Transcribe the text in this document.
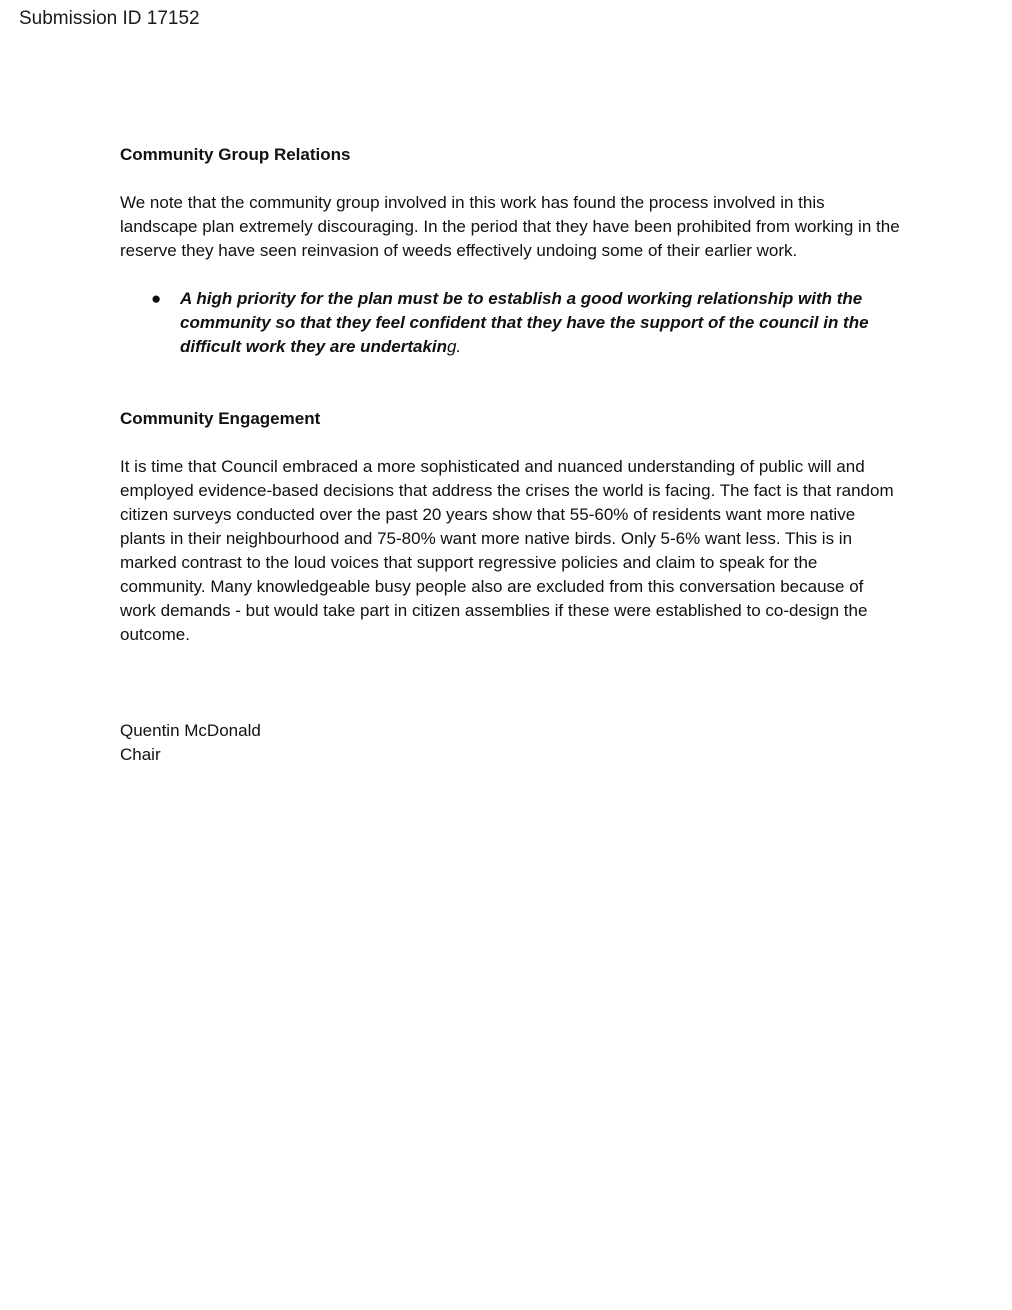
Submission ID 17152

Community Group Relations

We note that the community group involved in this work has found the process involved in this landscape plan extremely discouraging. In the period that they have been prohibited from working in the reserve they have seen reinvasion of weeds effectively undoing some of their earlier work.

● A high priority for the plan must be to establish a good working relationship with the community so that they feel confident that they have the support of the council in the difficult work they are undertaking.

Community Engagement

It is time that Council embraced a more sophisticated and nuanced understanding of public will and employed evidence-based decisions that address the crises the world is facing. The fact is that random citizen surveys conducted over the past 20 years show that 55-60% of residents want more native plants in their neighbourhood and 75-80% want more native birds. Only 5-6% want less. This is in marked contrast to the loud voices that support regressive policies and claim to speak for the community. Many knowledgeable busy people also are excluded from this conversation because of work demands - but would take part in citizen assemblies if these were established to co-design the outcome.

Quentin McDonald

Chair
